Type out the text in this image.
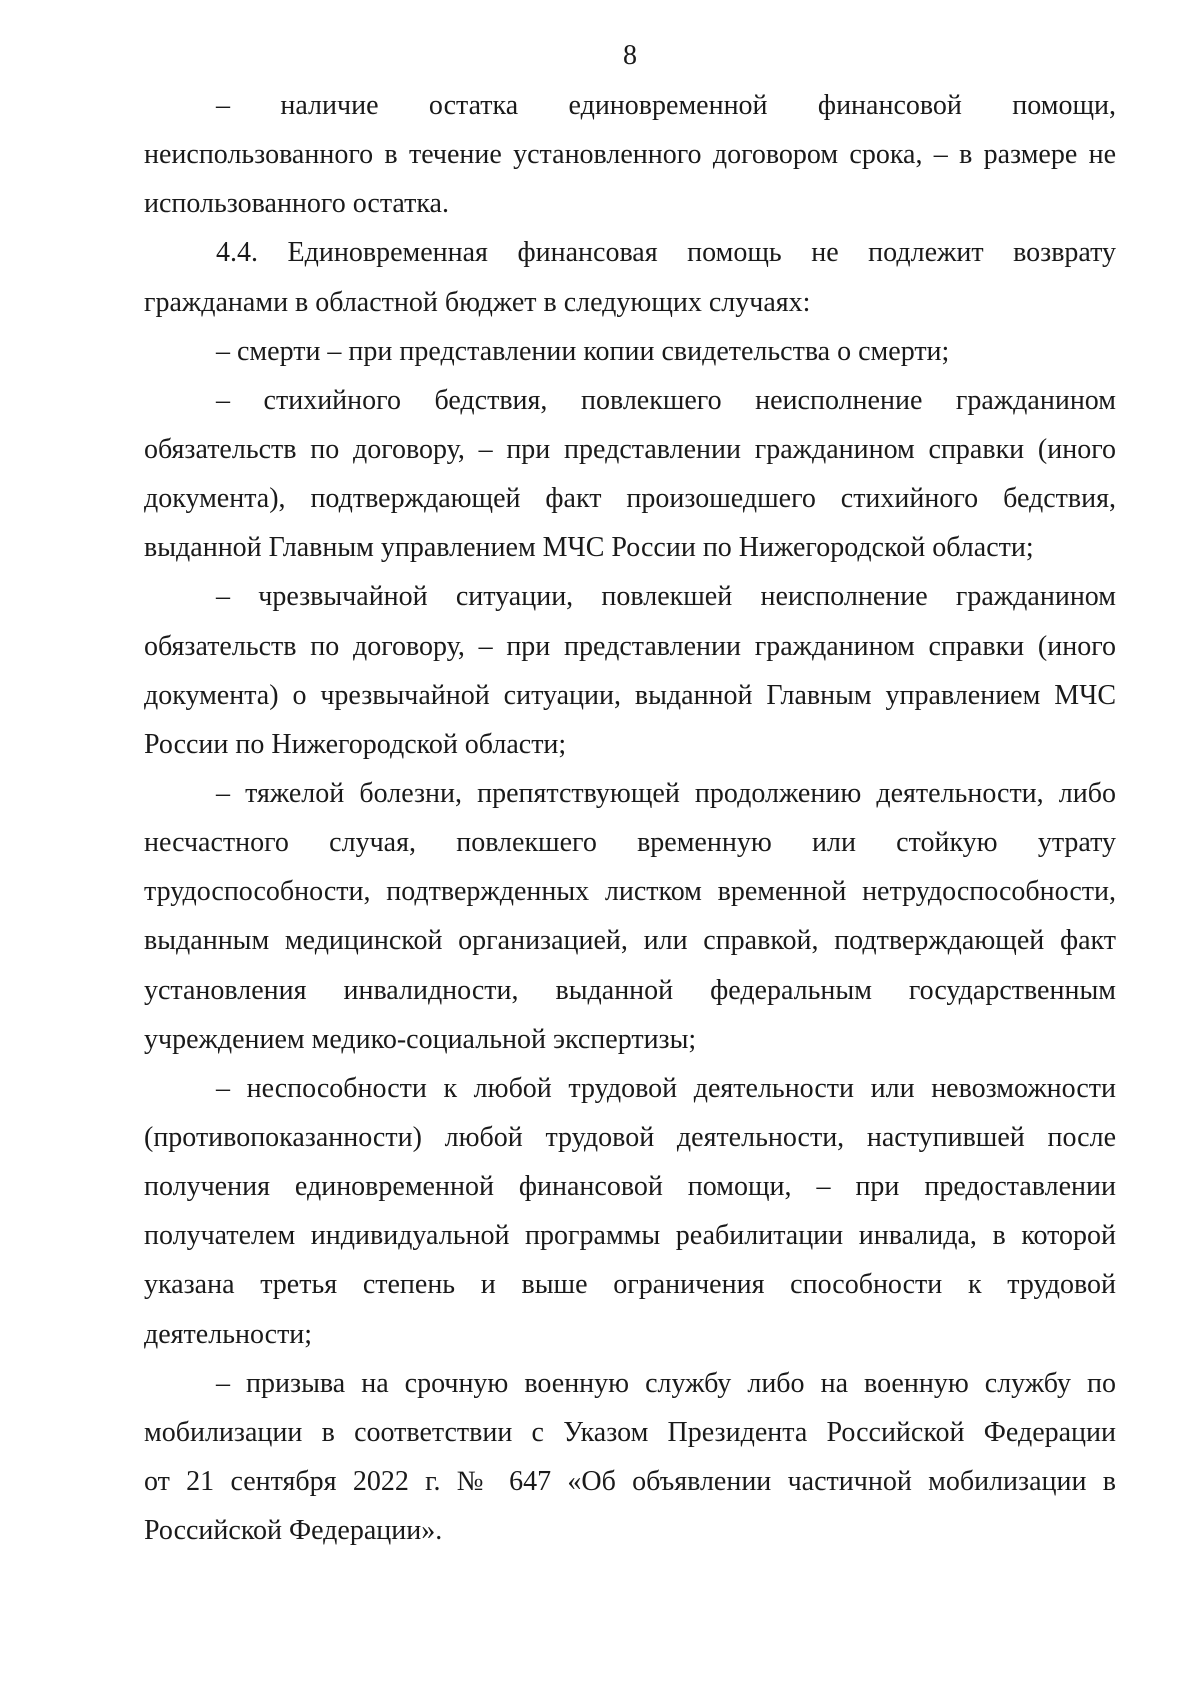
8
– наличие остатка единовременной финансовой помощи,
неиспользованного в течение установленного договором срока, – в размере не
использованного остатка.
4.4. Единовременная финансовая помощь не подлежит возврату
гражданами в областной бюджет в следующих случаях:
– смерти – при представлении копии свидетельства о смерти;
– стихийного бедствия, повлекшего неисполнение гражданином
обязательств по договору, – при представлении гражданином справки (иного
документа), подтверждающей факт произошедшего стихийного бедствия,
выданной Главным управлением МЧС России по Нижегородской области;
– чрезвычайной ситуации, повлекшей неисполнение гражданином
обязательств по договору, – при представлении гражданином справки (иного
документа) о чрезвычайной ситуации, выданной Главным управлением МЧС
России по Нижегородской области;
– тяжелой болезни, препятствующей продолжению деятельности, либо
несчастного случая, повлекшего временную или стойкую утрату
трудоспособности, подтвержденных листком временной нетрудоспособности,
выданным медицинской организацией, или справкой, подтверждающей факт
установления инвалидности, выданной федеральным государственным
учреждением медико-социальной экспертизы;
– неспособности к любой трудовой деятельности или невозможности
(противопоказанности) любой трудовой деятельности, наступившей после
получения единовременной финансовой помощи, – при предоставлении
получателем индивидуальной программы реабилитации инвалида, в которой
указана третья степень и выше ограничения способности к трудовой
деятельности;
– призыва на срочную военную службу либо на военную службу по
мобилизации в соответствии с Указом Президента Российской Федерации
от 21 сентября 2022 г. № 647 «Об объявлении частичной мобилизации в
Российской Федерации».
